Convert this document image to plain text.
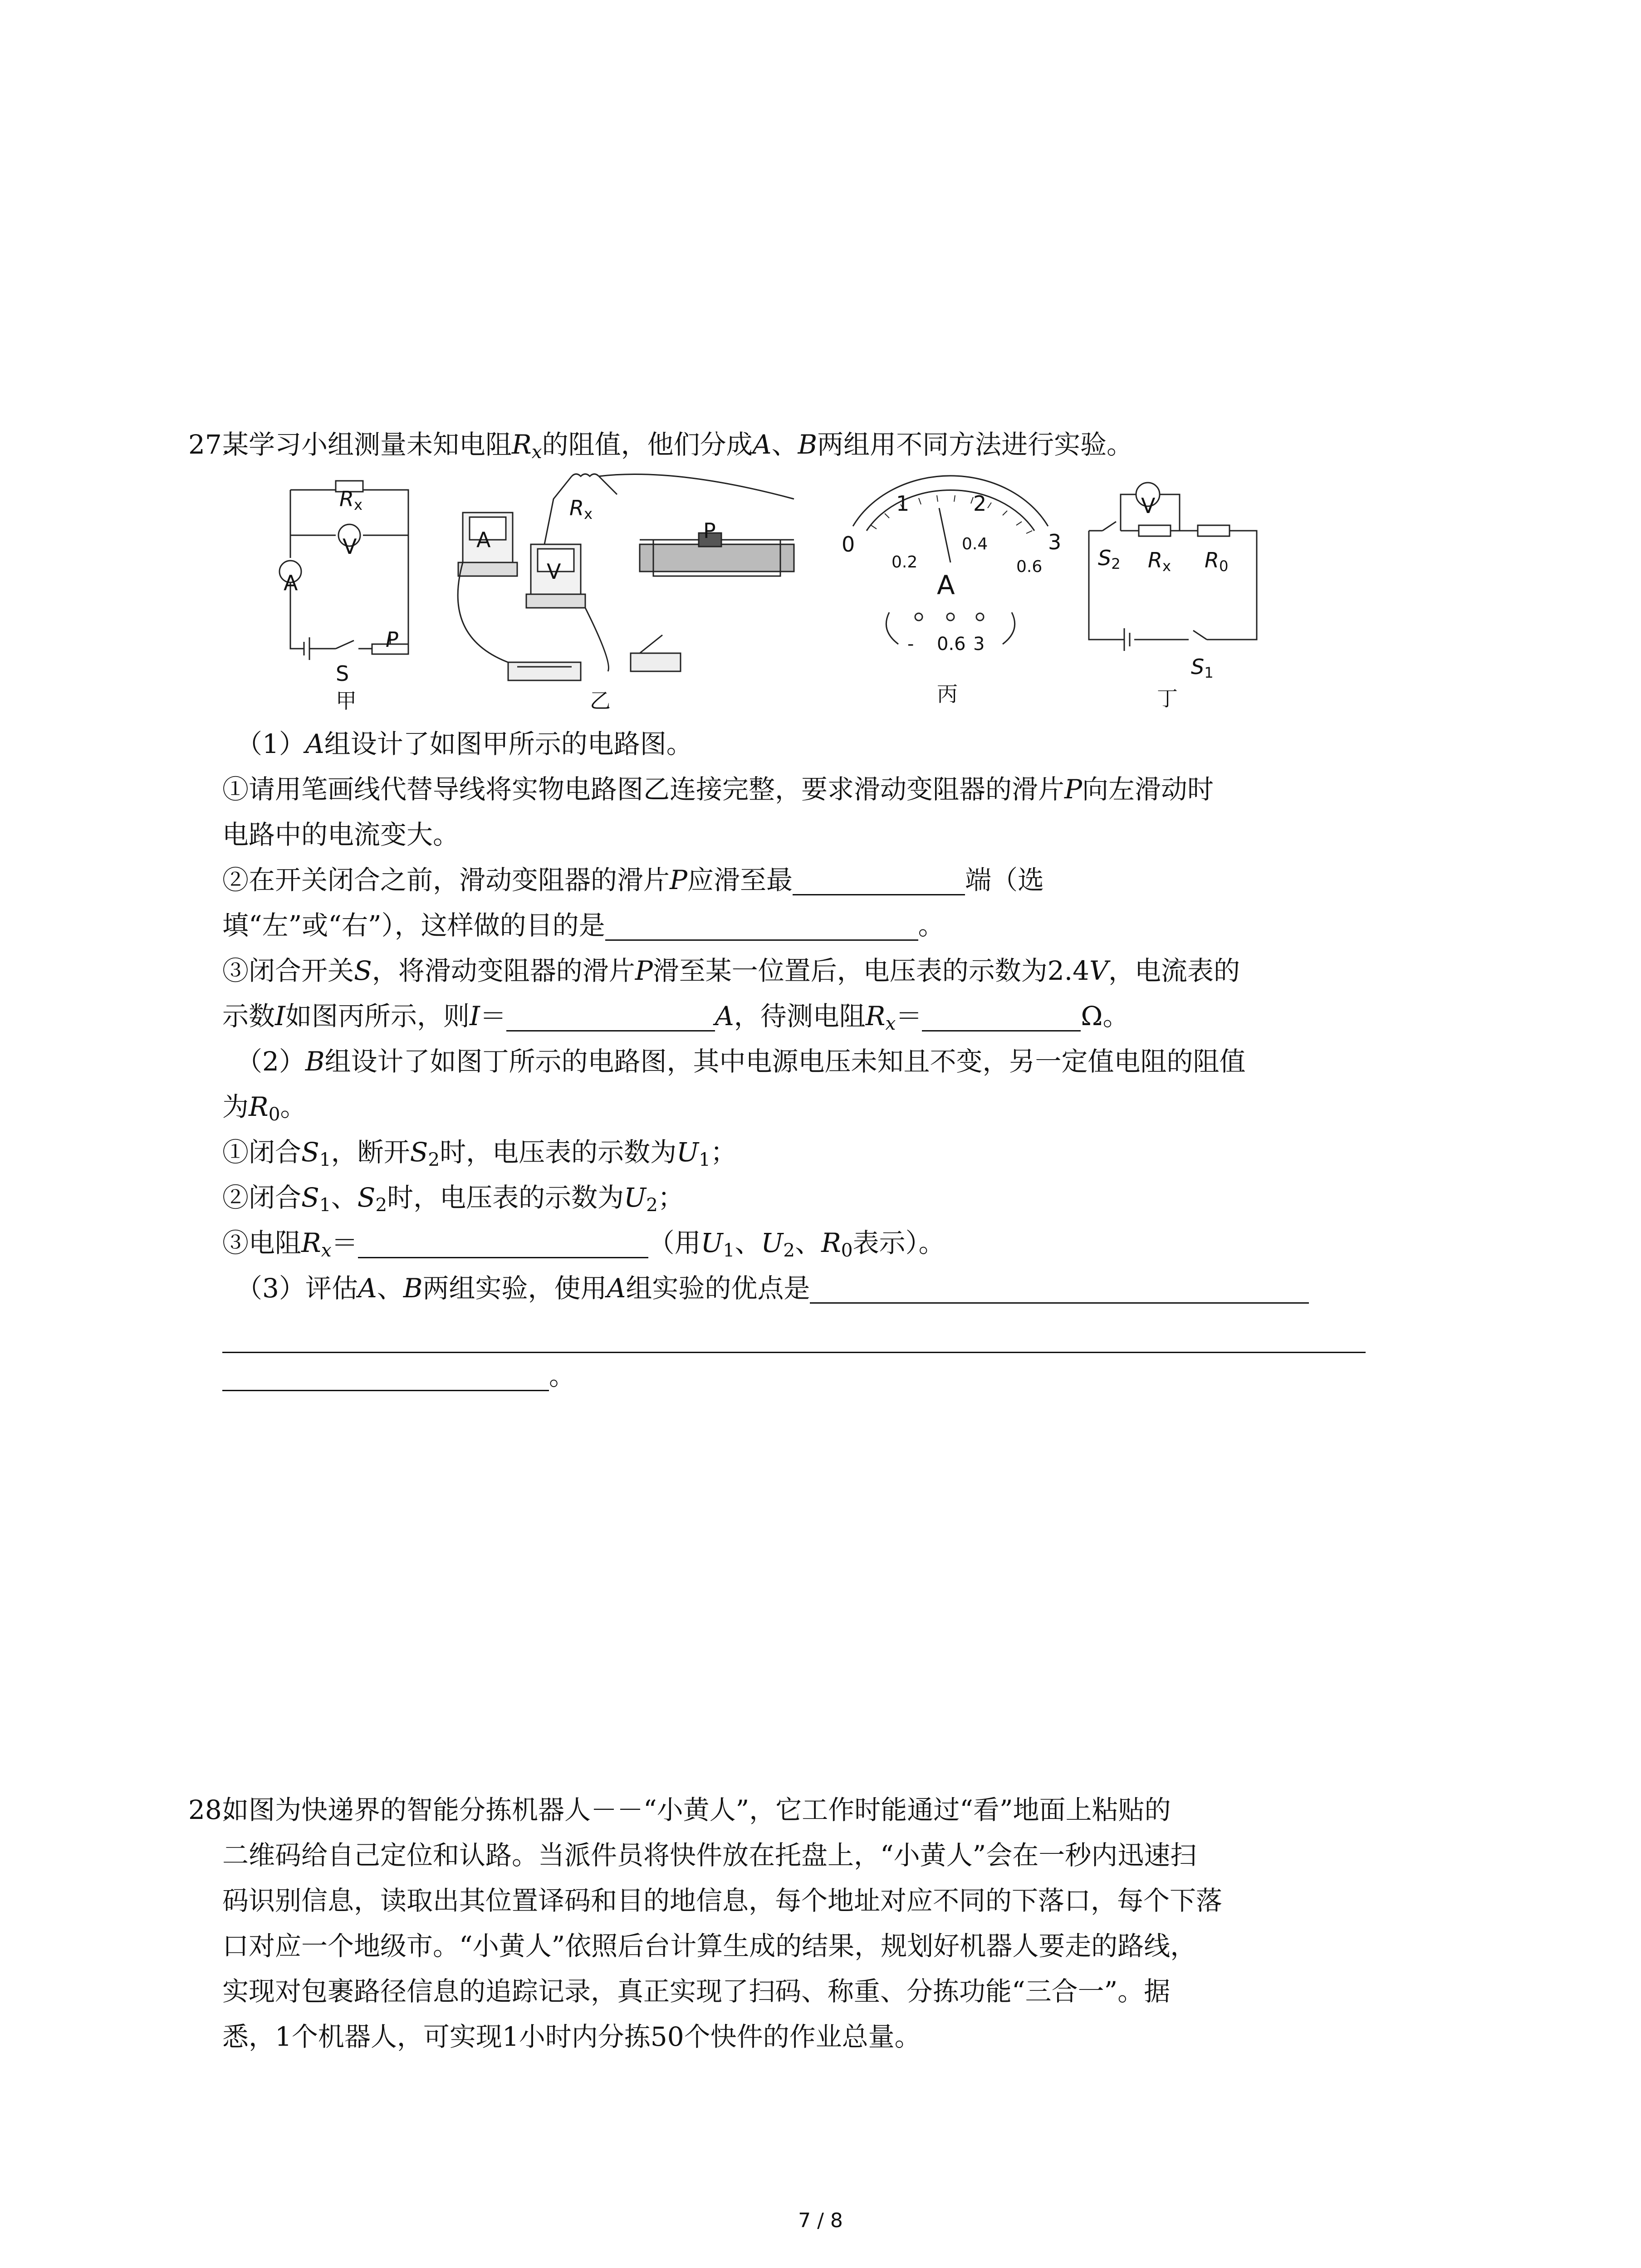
27.

某学习小组测量未知电阻$R_x$的阻值，他们分成A、B两组用不同方法进行实验。

$R_x$
V
A
P
S
甲
A
V
$R_x$
P
乙
0
1	2
3
0.2
0.4
0.6
A
- 0.6 3
丙
V
$S_2$ $R_x$ $R_0$
$S_1$
丁

（1）A组设计了如图甲所示的电路图。

①请用笔画线代替导线将实物电路图乙连接完整，要求滑动变阻器的滑片P向左滑动时

电路中的电流变大。

②在开关闭合之前，滑动变阻器的滑片P应滑至最	端（选

填“左”或“右”），这样做的目的是	。

③闭合开关S，将滑动变阻器的滑片P滑至某一位置后，电压表的示数为2.4V，电流表的

示数I如图丙所示，则I＝	A，待测电阻$R_x=$	Ω。

（2）B组设计了如图丁所示的电路图，其中电源电压未知且不变，另一定值电阻的阻值

为$R_0$。

①闭合$S_1$，断开$S_2$时，电压表的示数为$U_1$；

②闭合$S_1$、$S_2$时，电压表的示数为$U_2$；

③电阻$R_x=$	（用$U_1$、$U_2$、$R_0$表示）。

（3）评估A、B两组实验，使用A组实验的优点是

。

28.

如图为快递界的智能分拣机器人－－“小黄人”，它工作时能通过“看”地面上粘贴的

二维码给自己定位和认路。当派件员将快件放在托盘上，“小黄人”会在一秒内迅速扫

码识别信息，读取出其位置译码和目的地信息，每个地址对应不同的下落口，每个下落

口对应一个地级市。“小黄人”依照后台计算生成的结果，规划好机器人要走的路线，

实现对包裹路径信息的追踪记录，真正实现了扫码、称重、分拣功能“三合一”。据

悉，1个机器人，可实现1小时内分拣50个快件的作业总量。

7 / 8
